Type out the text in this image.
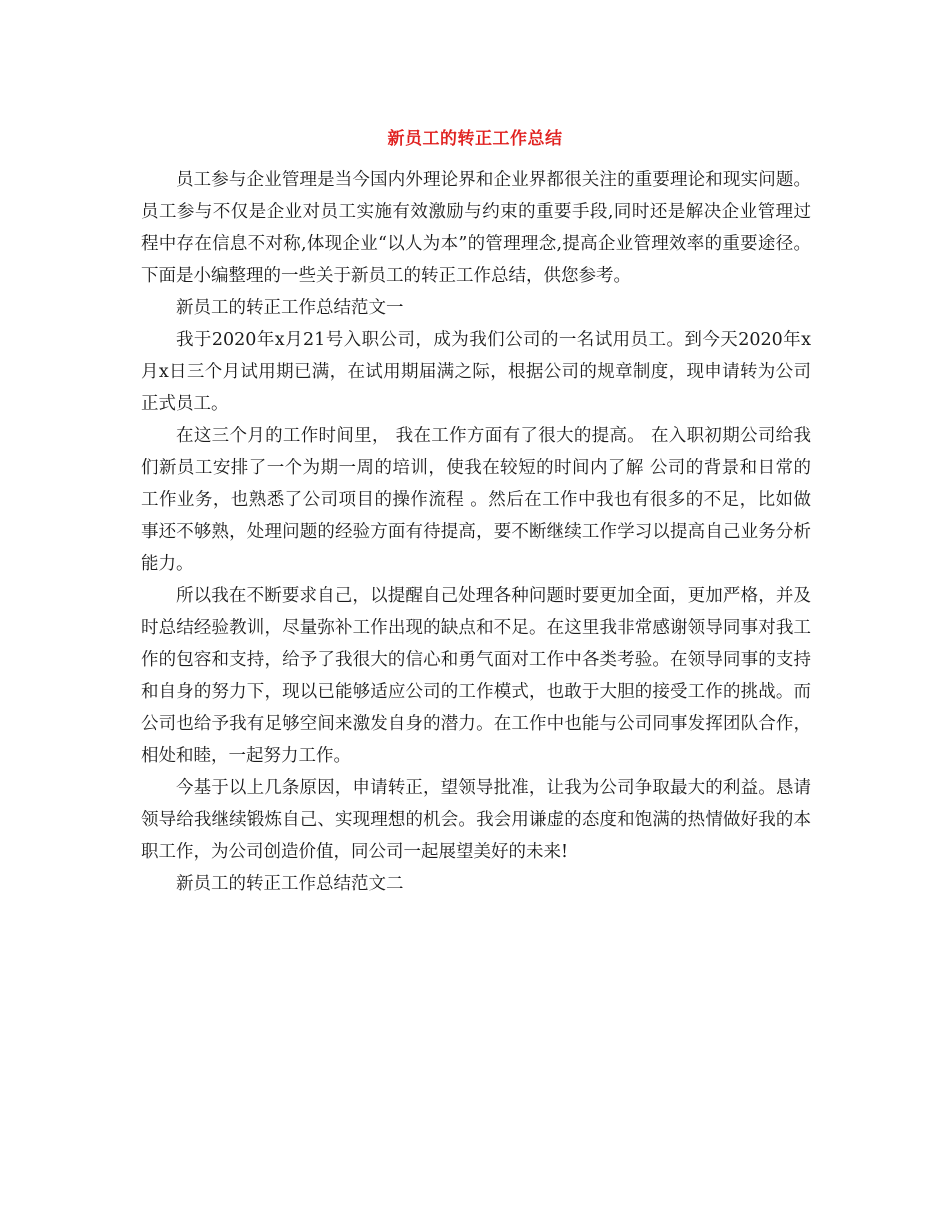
新员工的转正工作总结

员工参与企业管理是当今国内外理论界和企业界都很关注的重要理论和现实问题。员工参与不仅是企业对员工实施有效激励与约束的重要手段,同时还是解决企业管理过程中存在信息不对称,体现企业“以人为本”的管理理念,提高企业管理效率的重要途径。下面是小编整理的一些关于新员工的转正工作总结，供您参考。

新员工的转正工作总结范文一

我于2020年x月21号入职公司，成为我们公司的一名试用员工。到今天2020年x月x日三个月试用期已满，在试用期届满之际，根据公司的规章制度，现申请转为公司正式员工。

在这三个月的工作时间里， 我在工作方面有了很大的提高。 在入职初期公司给我们新员工安排了一个为期一周的培训，使我在较短的时间内了解 公司的背景和日常的工作业务，也熟悉了公司项目的操作流程 。然后在工作中我也有很多的不足，比如做事还不够熟，处理问题的经验方面有待提高，要不断继续工作学习以提高自己业务分析能力。

所以我在不断要求自己，以提醒自己处理各种问题时要更加全面，更加严格，并及时总结经验教训，尽量弥补工作出现的缺点和不足。在这里我非常感谢领导同事对我工作的包容和支持，给予了我很大的信心和勇气面对工作中各类考验。在领导同事的支持和自身的努力下，现以已能够适应公司的工作模式，也敢于大胆的接受工作的挑战。而公司也给予我有足够空间来激发自身的潜力。在工作中也能与公司同事发挥团队合作，相处和睦，一起努力工作。

今基于以上几条原因，申请转正，望领导批准，让我为公司争取最大的利益。恳请领导给我继续锻炼自己、实现理想的机会。我会用谦虚的态度和饱满的热情做好我的本职工作，为公司创造价值，同公司一起展望美好的未来!

新员工的转正工作总结范文二
